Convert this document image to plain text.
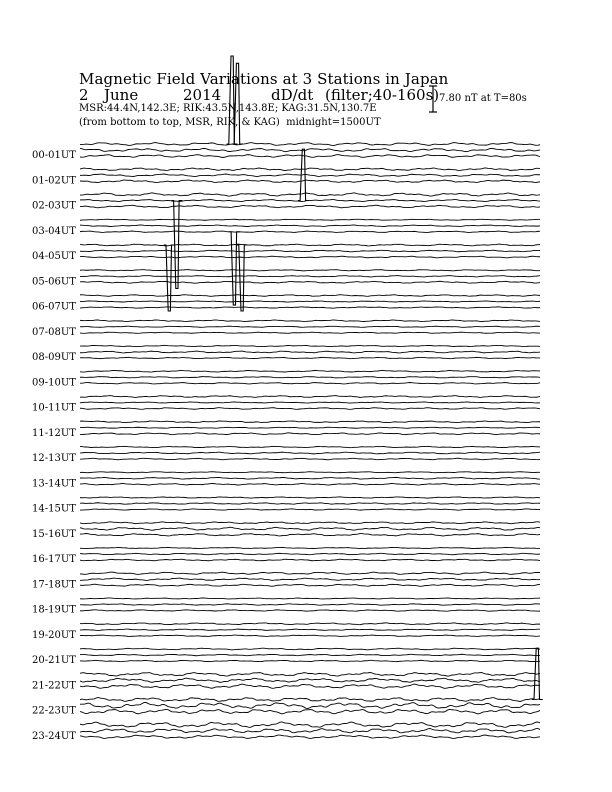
00-01UT
01-02UT
02-03UT
03-04UT
04-05UT
05-06UT
06-07UT
07-08UT
08-09UT
09-10UT
10-11UT
11-12UT
12-13UT
13-14UT
14-15UT
15-16UT
16-17UT
17-18UT
18-19UT
19-20UT
20-21UT
21-22UT
22-23UT
23-24UT
Magnetic Field Variations at 3 Stations in Japan
2 June	2014	dD/dt (filter;40-160s)
MSR:44.4N,142.3E; RIK:43.5N,143.8E; KAG:31.5N,130.7E
(from bottom to top, MSR, RIK, & KAG) midnight=1500UT
7.80 nT at T=80s
